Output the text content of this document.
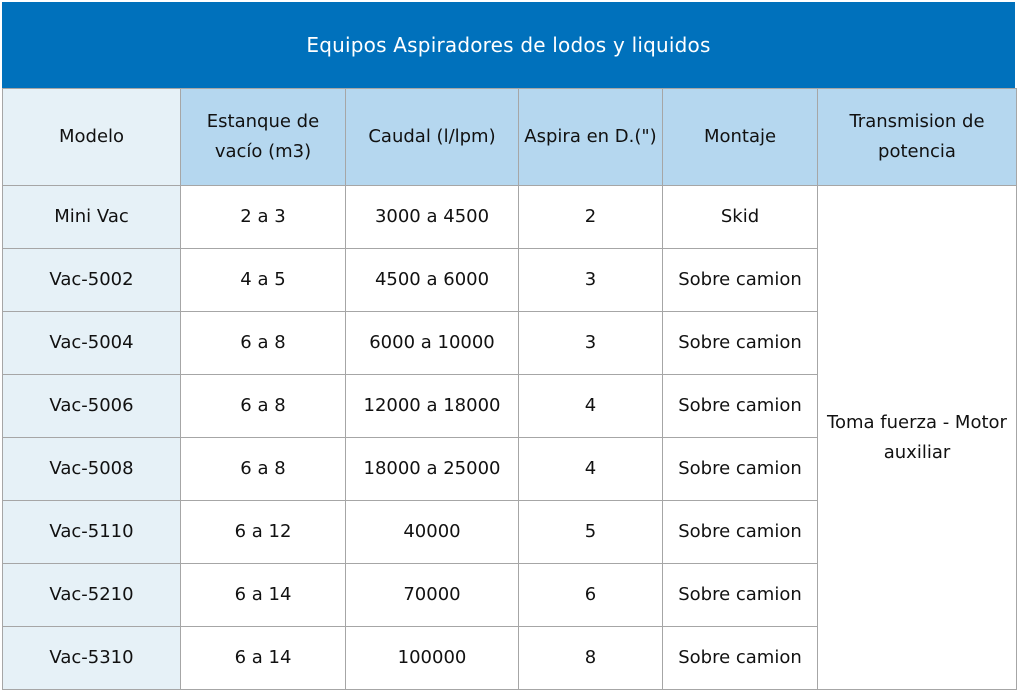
Equipos Aspiradores de lodos y liquidos
Modelo	Estanque de vacío (m3)	Caudal (l/lpm)	Aspira en D.(")	Montaje	Transmision de potencia
Mini Vac	2 a 3	3000 a 4500	2	Skid	Toma fuerza - Motor auxiliar
Vac-5002	4 a 5	4500 a 6000	3	Sobre camion	
Vac-5004	6 a 8	6000 a 10000	3	Sobre camion	
Vac-5006	6 a 8	12000 a 18000	4	Sobre camion	
Vac-5008	6 a 8	18000 a 25000	4	Sobre camion	
Vac-5110	6 a 12	40000	5	Sobre camion	
Vac-5210	6 a 14	70000	6	Sobre camion	
Vac-5310	6 a 14	100000	8	Sobre camion	
